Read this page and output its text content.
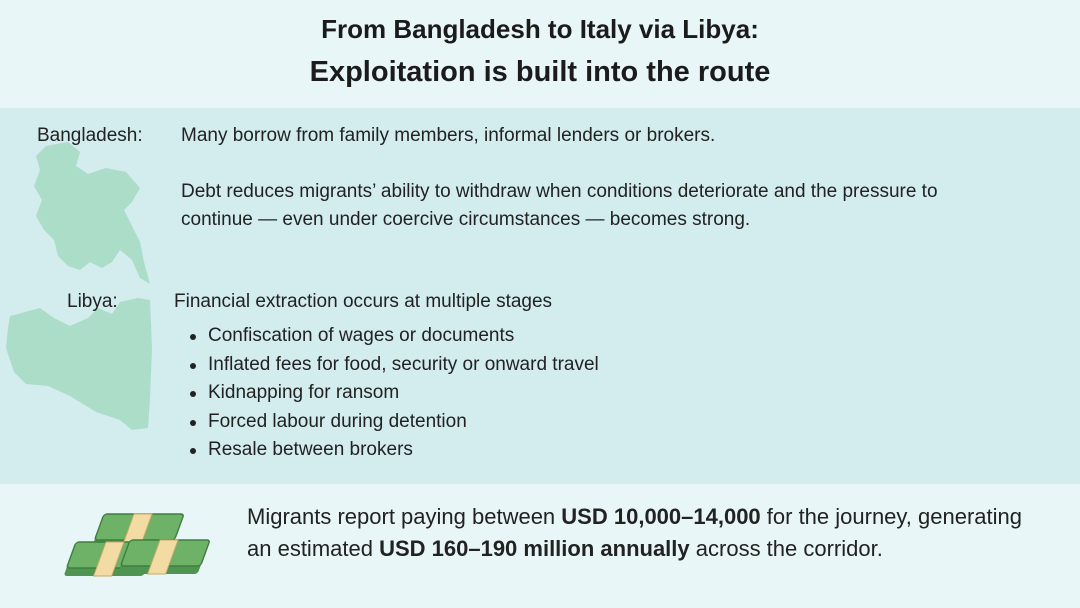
From Bangladesh to Italy via Libya:
Exploitation is built into the route
Bangladesh: Many borrow from family members, informal lenders or brokers.
Debt reduces migrants’ ability to withdraw when conditions deteriorate and the pressure to continue — even under coercive circumstances — becomes strong.
Libya:	Financial extraction occurs at multiple stages
Confiscation of wages or documents
Inflated fees for food, security or onward travel
Kidnapping for ransom
Forced labour during detention
Resale between brokers
Migrants report paying between USD 10,000–14,000 for the journey, generating an estimated USD 160–190 million annually across the corridor.
